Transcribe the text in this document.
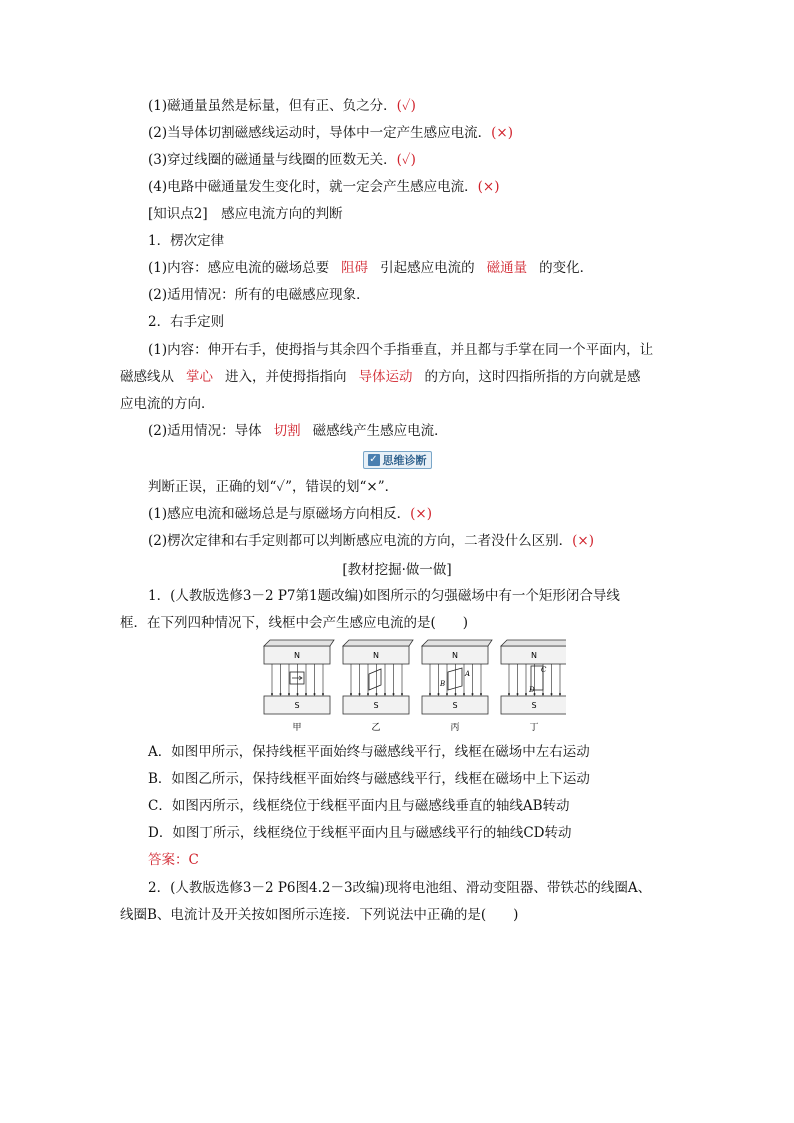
(1)磁通量虽然是标量，但有正、负之分．(✓)
(2)当导体切割磁感线运动时，导体中一定产生感应电流．(×)
(3)穿过线圈的磁通量与线圈的匝数无关．(✓)
(4)电路中磁通量发生变化时，就一定会产生感应电流．(×)
[知识点2]　感应电流方向的判断
1．楞次定律
(1)内容：感应电流的磁场总要 阻碍 引起感应电流的 磁通量 的变化．
(2)适用情况：所有的电磁感应现象．
2．右手定则
(1)内容：伸开右手，使拇指与其余四个手指垂直，并且都与手掌在同一个平面内，让
磁感线从 掌心 进入，并使拇指指向 导体运动 的方向，这时四指所指的方向就是感
应电流的方向．
(2)适用情况：导体 切割 磁感线产生感应电流．
✓ 思维诊断
判断正误，正确的划“✓”，错误的划“×”．
(1)感应电流和磁场总是与原磁场方向相反．(×)
(2)楞次定律和右手定则都可以判断感应电流的方向，二者没什么区别．(×)
[教材挖掘·做一做]
1．(人教版选修3－2 P7第1题改编)如图所示的匀强磁场中有一个矩形闭合导线
框．在下列四种情况下，线框中会产生感应电流的是(　　)
N
S
甲
N
S
乙
N
S
A
B
丙
N
S
C
D
丁
A．如图甲所示，保持线框平面始终与磁感线平行，线框在磁场中左右运动
B．如图乙所示，保持线框平面始终与磁感线平行，线框在磁场中上下运动
C．如图丙所示，线框绕位于线框平面内且与磁感线垂直的轴线AB转动
D．如图丁所示，线框绕位于线框平面内且与磁感线平行的轴线CD转动
答案：C
2．(人教版选修3－2 P6图4.2－3改编)现将电池组、滑动变阻器、带铁芯的线圈A、
线圈B、电流计及开关按如图所示连接．下列说法中正确的是(　　)
